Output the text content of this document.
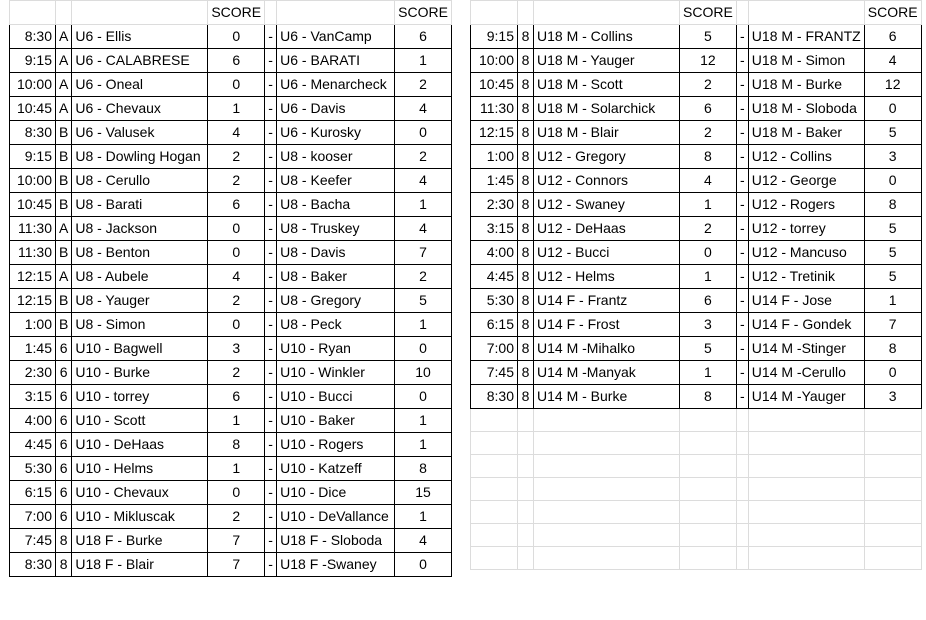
			SCORE			SCORE
8:30	A	U6 - Ellis	0	-	U6 - VanCamp	6
9:15	A	U6 - CALABRESE	6	-	U6 - BARATI	1
10:00	A	U6 - Oneal	0	-	U6 - Menarcheck	2
10:45	A	U6 - Chevaux	1	-	U6 - Davis	4
8:30	B	U6 - Valusek	4	-	U6 - Kurosky	0
9:15	B	U8 - Dowling Hogan	2	-	U8 - kooser	2
10:00	B	U8 - Cerullo	2	-	U8 - Keefer	4
10:45	B	U8 - Barati	6	-	U8 - Bacha	1
11:30	A	U8 - Jackson	0	-	U8 - Truskey	4
11:30	B	U8 - Benton	0	-	U8 - Davis	7
12:15	A	U8 - Aubele	4	-	U8 - Baker	2
12:15	B	U8 - Yauger	2	-	U8 - Gregory	5
1:00	B	U8 - Simon	0	-	U8 - Peck	1
1:45	6	U10 - Bagwell	3	-	U10 - Ryan	0
2:30	6	U10 - Burke	2	-	U10 - Winkler	10
3:15	6	U10 - torrey	6	-	U10 - Bucci	0
4:00	6	U10 - Scott	1	-	U10 - Baker	1
4:45	6	U10 - DeHaas	8	-	U10 - Rogers	1
5:30	6	U10 - Helms	1	-	U10 - Katzeff	8
6:15	6	U10 - Chevaux	0	-	U10 - Dice	15
7:00	6	U10 - Mikluscak	2	-	U10 - DeVallance	1
7:45	8	U18 F - Burke	7	-	U18 F - Sloboda	4
8:30	8	U18 F - Blair	7	-	U18 F -Swaney	0
			SCORE			SCORE
9:15	8	U18 M - Collins	5	-	U18 M - FRANTZ	6
10:00	8	U18 M - Yauger	12	-	U18 M - Simon	4
10:45	8	U18 M - Scott	2	-	U18 M - Burke	12
11:30	8	U18 M - Solarchick	6	-	U18 M - Sloboda	0
12:15	8	U18 M - Blair	2	-	U18 M - Baker	5
1:00	8	U12 - Gregory	8	-	U12 - Collins	3
1:45	8	U12 - Connors	4	-	U12 - George	0
2:30	8	U12 - Swaney	1	-	U12 - Rogers	8
3:15	8	U12 - DeHaas	2	-	U12 - torrey	5
4:00	8	U12 - Bucci	0	-	U12 - Mancuso	5
4:45	8	U12 - Helms	1	-	U12 - Tretinik	5
5:30	8	U14 F - Frantz	6	-	U14 F - Jose	1
6:15	8	U14 F - Frost	3	-	U14 F - Gondek	7
7:00	8	U14 M -Mihalko	5	-	U14 M -Stinger	8
7:45	8	U14 M -Manyak	1	-	U14 M -Cerullo	0
8:30	8	U14 M - Burke	8	-	U14 M -Yauger	3
